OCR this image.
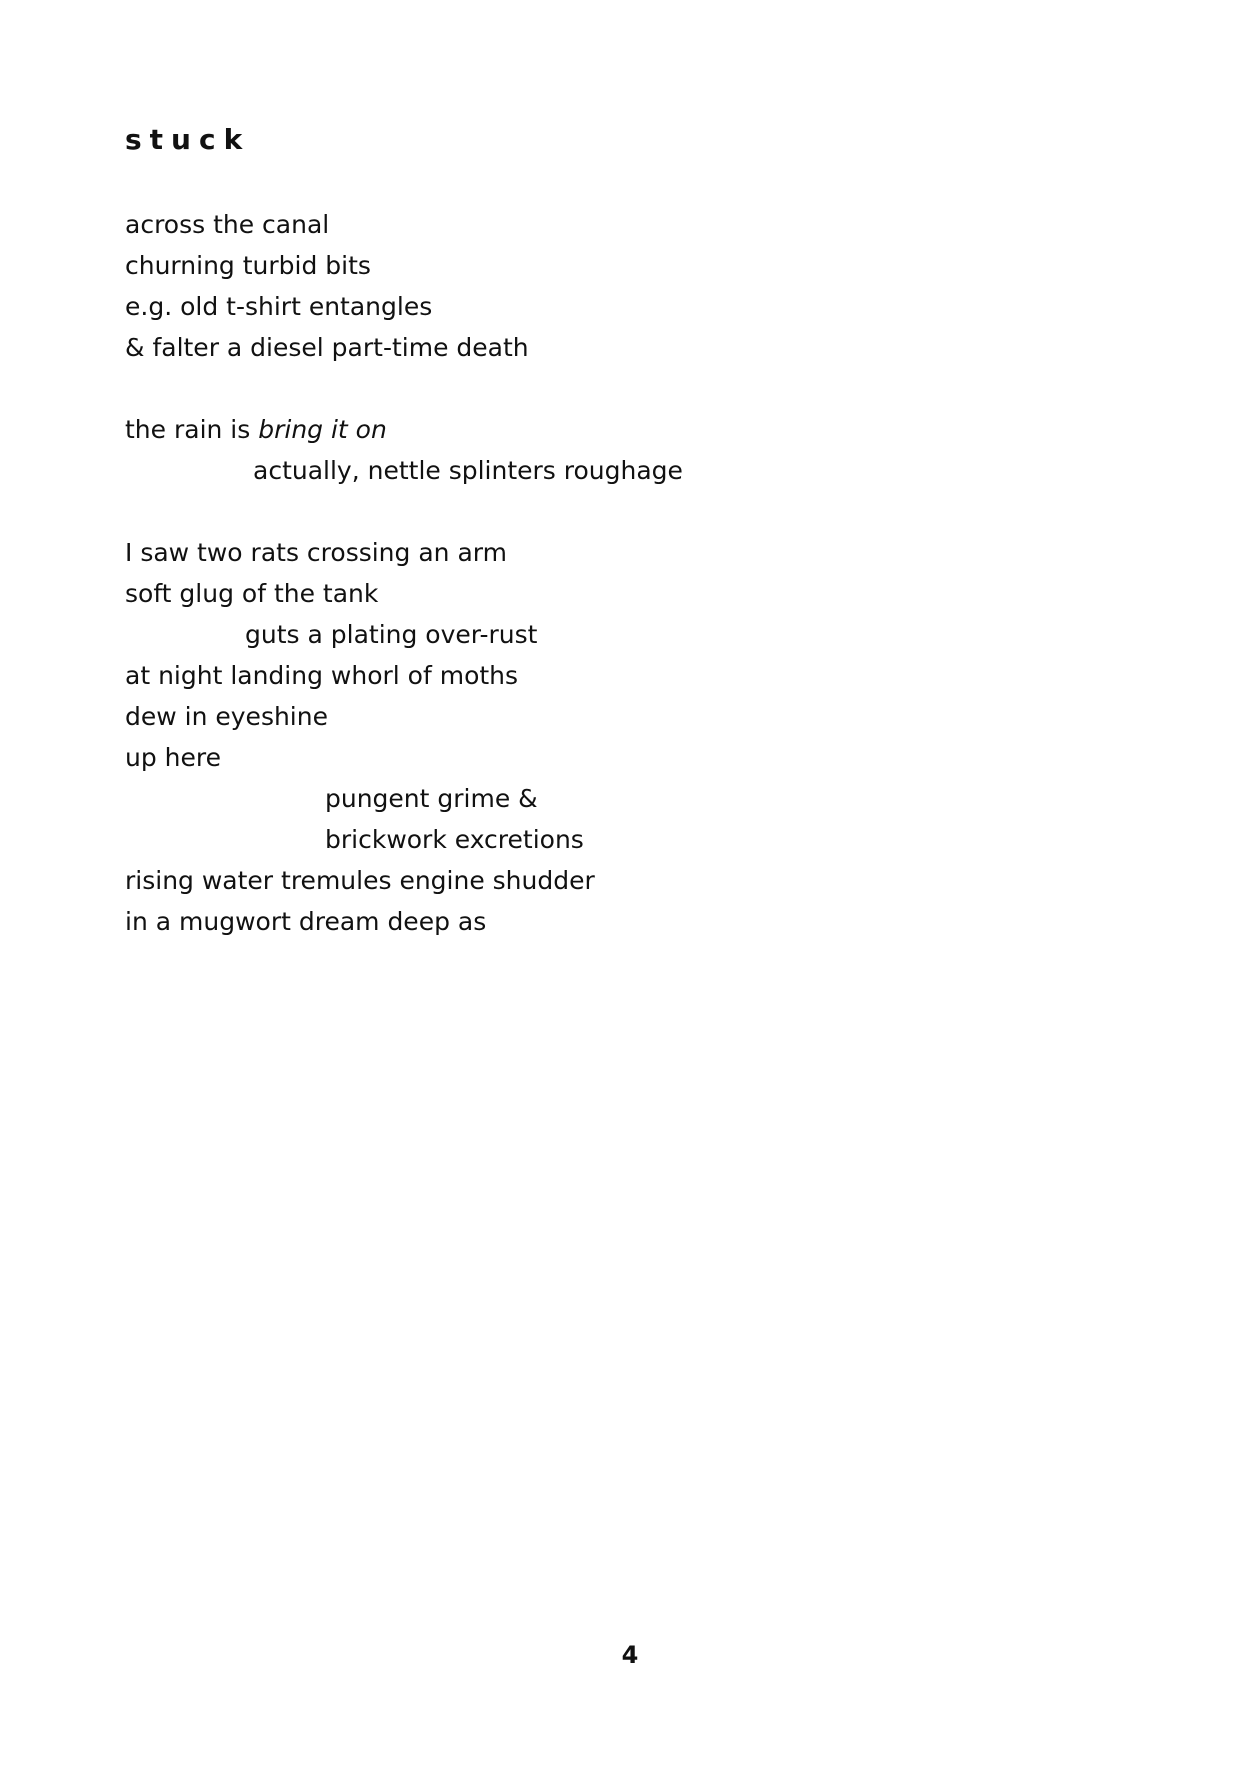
stuck
across the canal
churning turbid bits
e.g. old t-shirt entangles
& falter a diesel part-time death
the rain is bring it on
actually, nettle splinters roughage
I saw two rats crossing an arm
soft glug of the tank
guts a plating over-rust
at night landing whorl of moths
dew in eyeshine
up here
pungent grime &
brickwork excretions
rising water tremules engine shudder
in a mugwort dream deep as
4
